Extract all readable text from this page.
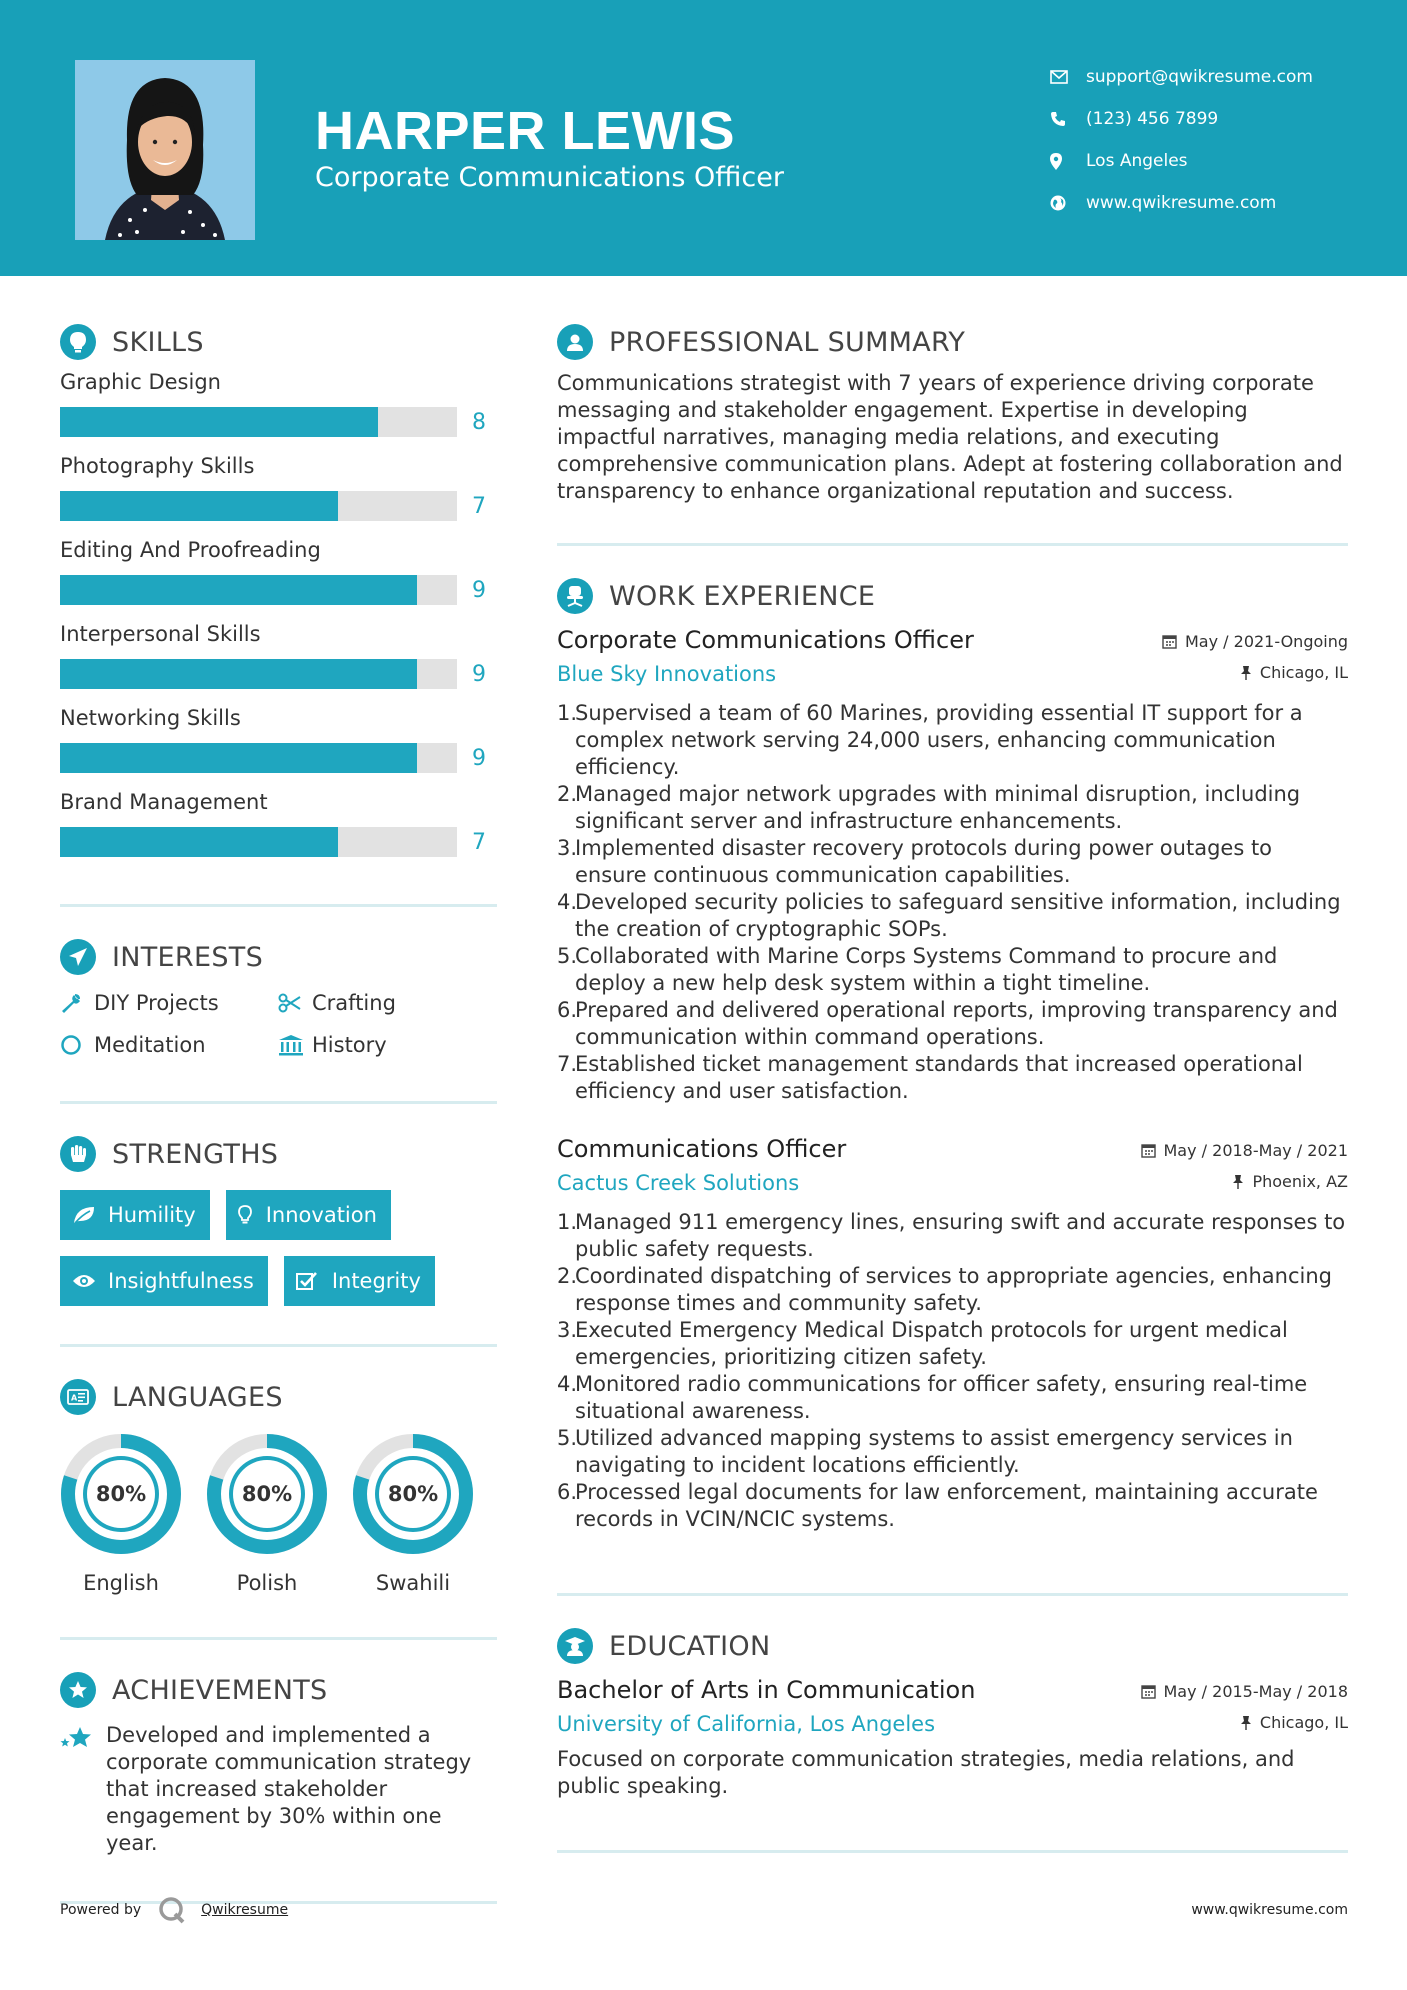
HARPER LEWIS
Corporate Communications Officer
support@qwikresume.com
(123) 456 7899
Los Angeles
www.qwikresume.com
SKILLS
Graphic Design
8
Photography Skills
7
Editing And Proofreading
9
Interpersonal Skills
9
Networking Skills
9
Brand Management
7
INTERESTS
DIY Projects	Crafting
Meditation	History
STRENGTHS
Humility	Innovation
Insightfulness	Integrity
A LANGUAGES
80%
English
80%
Polish
80%
Swahili
ACHIEVEMENTS
Developed and implemented a corporate communication strategy that increased stakeholder engagement by 30% within one year.
PROFESSIONAL SUMMARY
Communications strategist with 7 years of experience driving corporate messaging and stakeholder engagement. Expertise in developing impactful narratives, managing media relations, and executing comprehensive communication plans. Adept at fostering collaboration and transparency to enhance organizational reputation and success.
WORK EXPERIENCE
Corporate Communications Officer
Blue Sky Innovations
May / 2021-Ongoing
Chicago, IL
1.
Supervised a team of 60 Marines, providing essential IT support for a complex network serving 24,000 users, enhancing communication efficiency.
2.
Managed major network upgrades with minimal disruption, including significant server and infrastructure enhancements.
3.
Implemented disaster recovery protocols during power outages to ensure continuous communication capabilities.
4.
Developed security policies to safeguard sensitive information, including the creation of cryptographic SOPs.
5.
Collaborated with Marine Corps Systems Command to procure and deploy a new help desk system within a tight timeline.
6.
Prepared and delivered operational reports, improving transparency and communication within command operations.
7.
Established ticket management standards that increased operational efficiency and user satisfaction.
Communications Officer
Cactus Creek Solutions
May / 2018-May / 2021
Phoenix, AZ
1.
Managed 911 emergency lines, ensuring swift and accurate responses to public safety requests.
2.
Coordinated dispatching of services to appropriate agencies, enhancing response times and community safety.
3.
Executed Emergency Medical Dispatch protocols for urgent medical emergencies, prioritizing citizen safety.
4.
Monitored radio communications for officer safety, ensuring real-time situational awareness.
5.
Utilized advanced mapping systems to assist emergency services in navigating to incident locations efficiently.
6.
Processed legal documents for law enforcement, maintaining accurate records in VCIN/NCIC systems.
EDUCATION
Bachelor of Arts in Communication
University of California, Los Angeles
May / 2015-May / 2018
Chicago, IL
Focused on corporate communication strategies, media relations, and public speaking.
Powered by	Qwikresume	www.qwikresume.com
